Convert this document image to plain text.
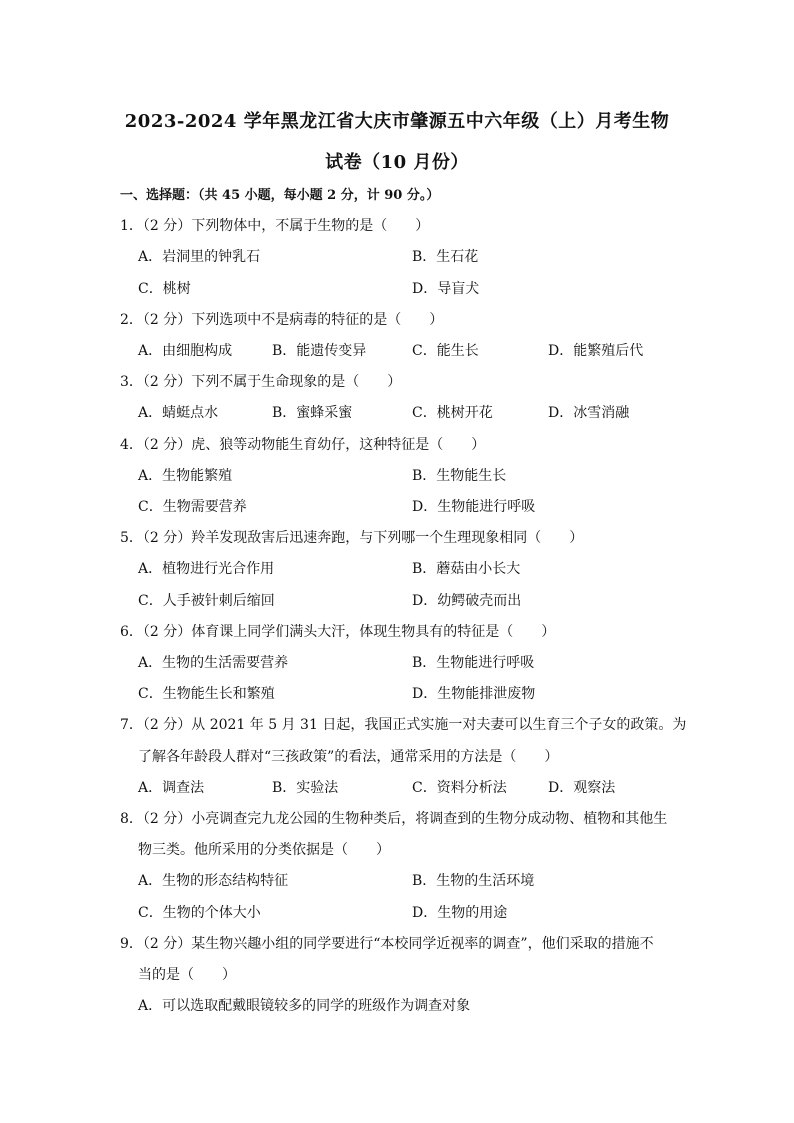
2023-2024 学年黑龙江省大庆市肇源五中六年级（上）月考生物
试卷（10 月份）
一、选择题：（共 45 小题，每小题 2 分，计 90 分。）
1．（2 分）下列物体中，不属于生物的是（　　）
A．岩洞里的钟乳石	B．生石花
C．桃树	D．导盲犬
2．（2 分）下列选项中不是病毒的特征的是（　　）
A．由细胞构成	B．能遗传变异	C．能生长	D．能繁殖后代
3．（2 分）下列不属于生命现象的是（　　）
A．蜻蜓点水	B．蜜蜂采蜜	C．桃树开花	D．冰雪消融
4．（2 分）虎、狼等动物能生育幼仔，这种特征是（　　）
A．生物能繁殖	B．生物能生长
C．生物需要营养	D．生物能进行呼吸
5．（2 分）羚羊发现敌害后迅速奔跑，与下列哪一个生理现象相同（　　）
A．植物进行光合作用	B．蘑菇由小长大
C．人手被针刺后缩回	D．幼鳄破壳而出
6．（2 分）体育课上同学们满头大汗，体现生物具有的特征是（　　）
A．生物的生活需要营养	B．生物能进行呼吸
C．生物能生长和繁殖	D．生物能排泄废物
7．（2 分）从 2021 年 5 月 31 日起，我国正式实施一对夫妻可以生育三个子女的政策。为
了解各年龄段人群对“三孩政策”的看法，通常采用的方法是（　　）
A．调查法	B．实验法	C．资料分析法	D．观察法
8．（2 分）小亮调查完九龙公园的生物种类后，将调查到的生物分成动物、植物和其他生
物三类。他所采用的分类依据是（　　）
A．生物的形态结构特征	B．生物的生活环境
C．生物的个体大小	D．生物的用途
9．（2 分）某生物兴趣小组的同学要进行“本校同学近视率的调查”，他们采取的措施不
当的是（　　）
A．可以选取配戴眼镜较多的同学的班级作为调查对象
